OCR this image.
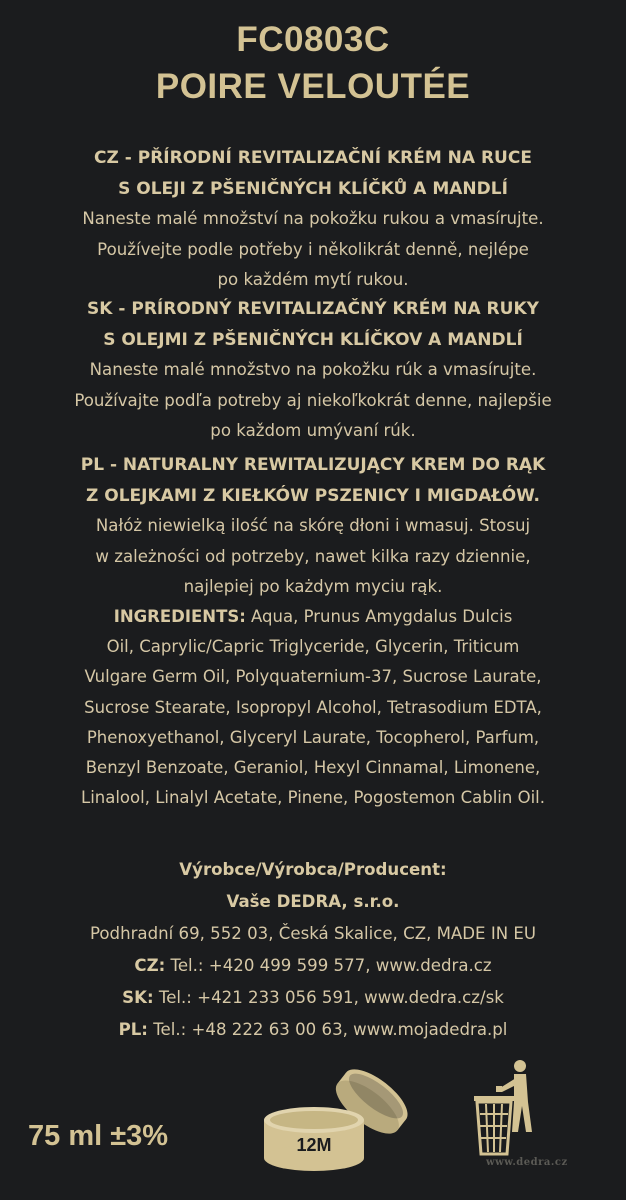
FC0803C
POIRE VELOUTÉE
CZ - PŘÍRODNÍ REVITALIZAČNÍ KRÉM NA RUCE
S OLEJI Z PŠENIČNÝCH KLÍČKŮ A MANDLÍ
Naneste malé množství na pokožku rukou a vmasírujte.
Používejte podle potřeby i několikrát denně, nejlépe
po každém mytí rukou.
SK - PRÍRODNÝ REVITALIZAČNÝ KRÉM NA RUKY
S OLEJMI Z PŠENIČNÝCH KLÍČKOV A MANDLÍ
Naneste malé množstvo na pokožku rúk a vmasírujte.
Používajte podľa potreby aj niekoľkokrát denne, najlepšie
po každom umývaní rúk.
PL - NATURALNY REWITALIZUJĄCY KREM DO RĄK
Z OLEJKAMI Z KIEŁKÓW PSZENICY I MIGDAŁÓW.
Nałóż niewielką ilość na skórę dłoni i wmasuj. Stosuj
w zależności od potrzeby, nawet kilka razy dziennie,
najlepiej po każdym myciu rąk.
INGREDIENTS: Aqua, Prunus Amygdalus Dulcis
Oil, Caprylic/Capric Triglyceride, Glycerin, Triticum
Vulgare Germ Oil, Polyquaternium-37, Sucrose Laurate,
Sucrose Stearate, Isopropyl Alcohol, Tetrasodium EDTA,
Phenoxyethanol, Glyceryl Laurate, Tocopherol, Parfum,
Benzyl Benzoate, Geraniol, Hexyl Cinnamal, Limonene,
Linalool, Linalyl Acetate, Pinene, Pogostemon Cablin Oil.
Výrobce/Výrobca/Producent:
Vaše DEDRA, s.r.o.
Podhradní 69, 552 03, Česká Skalice, CZ, MADE IN EU
CZ: Tel.: +420 499 599 577, www.dedra.cz
SK: Tel.: +421 233 056 591, www.dedra.cz/sk
PL: Tel.: +48 222 63 00 63, www.mojadedra.pl
75 ml ±3%	12M
www.dedra.cz
